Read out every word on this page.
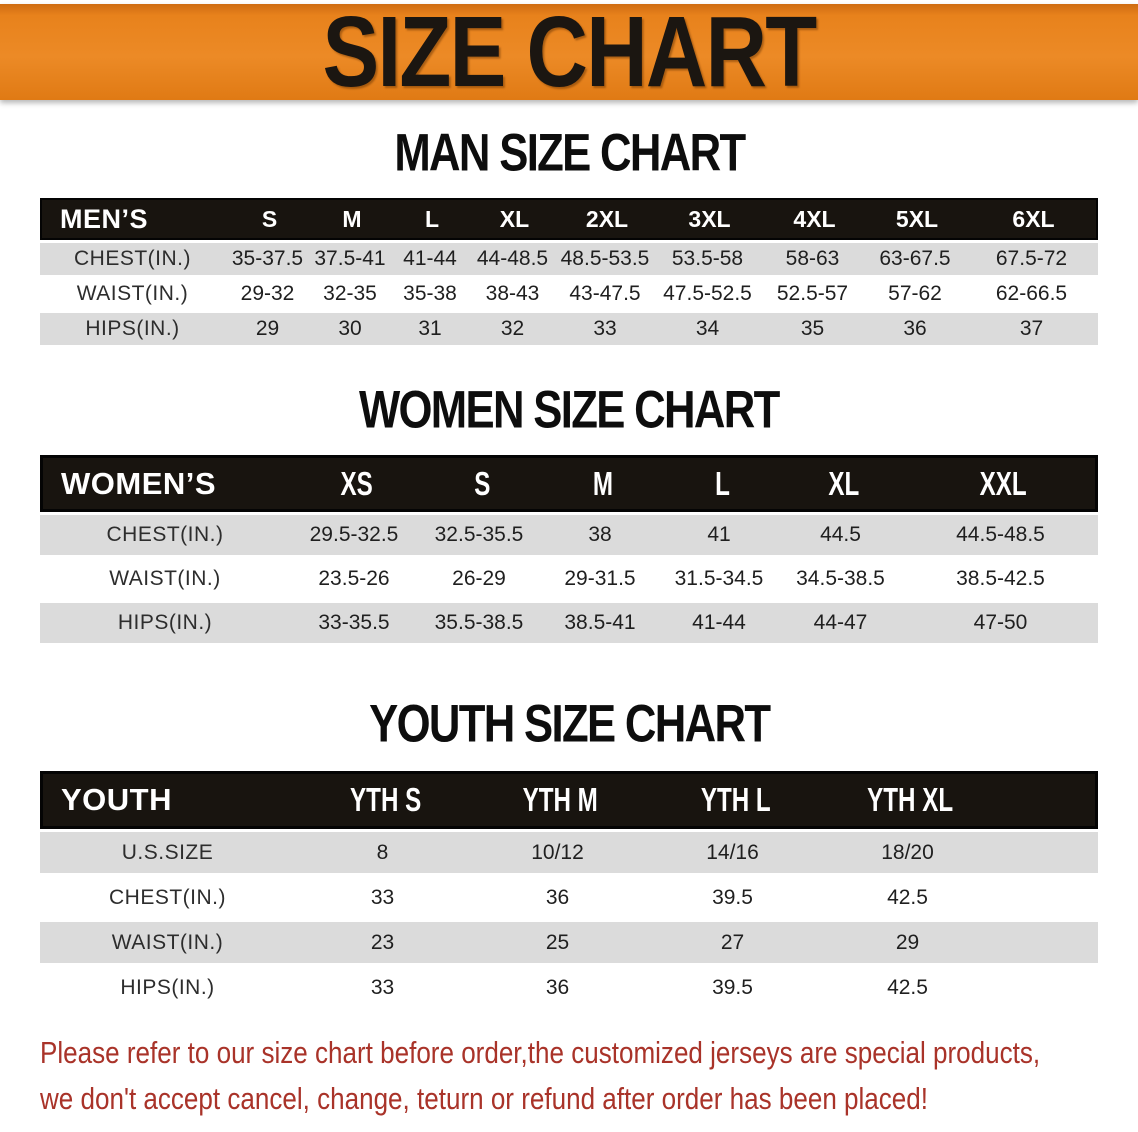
SIZE CHART
MAN SIZE CHART
MEN’S	S	M	L	XL	2XL	3XL	4XL	5XL	6XL
CHEST(IN.)	35-37.5 37.5-41 41-44 44-48.5 48.5-53.5	53.5-58	58-63	63-67.5	67.5-72
WAIST(IN.)	29-32	32-35	35-38	38-43	43-47.5	47.5-52.5	52.5-57	57-62	62-66.5
HIPS(IN.)	29	30	31	32	33	34	35	36	37
WOMEN SIZE CHART
WOMEN’S	XS	S	M	L	XL	XXL
CHEST(IN.)	29.5-32.5	32.5-35.5	38	41	44.5	44.5-48.5
WAIST(IN.)	23.5-26	26-29	29-31.5	31.5-34.5	34.5-38.5	38.5-42.5
HIPS(IN.)	33-35.5	35.5-38.5	38.5-41	41-44	44-47	47-50
YOUTH SIZE CHART
YOUTH	YTH S	YTH M	YTH L	YTH XL
U.S.SIZE	8	10/12	14/16	18/20
CHEST(IN.)	33	36	39.5	42.5
WAIST(IN.)	23	25	27	29
HIPS(IN.)	33	36	39.5	42.5
Please refer to our size chart before order,the customized jerseys are special products,
we don't accept cancel, change, teturn or refund after order has been placed!
